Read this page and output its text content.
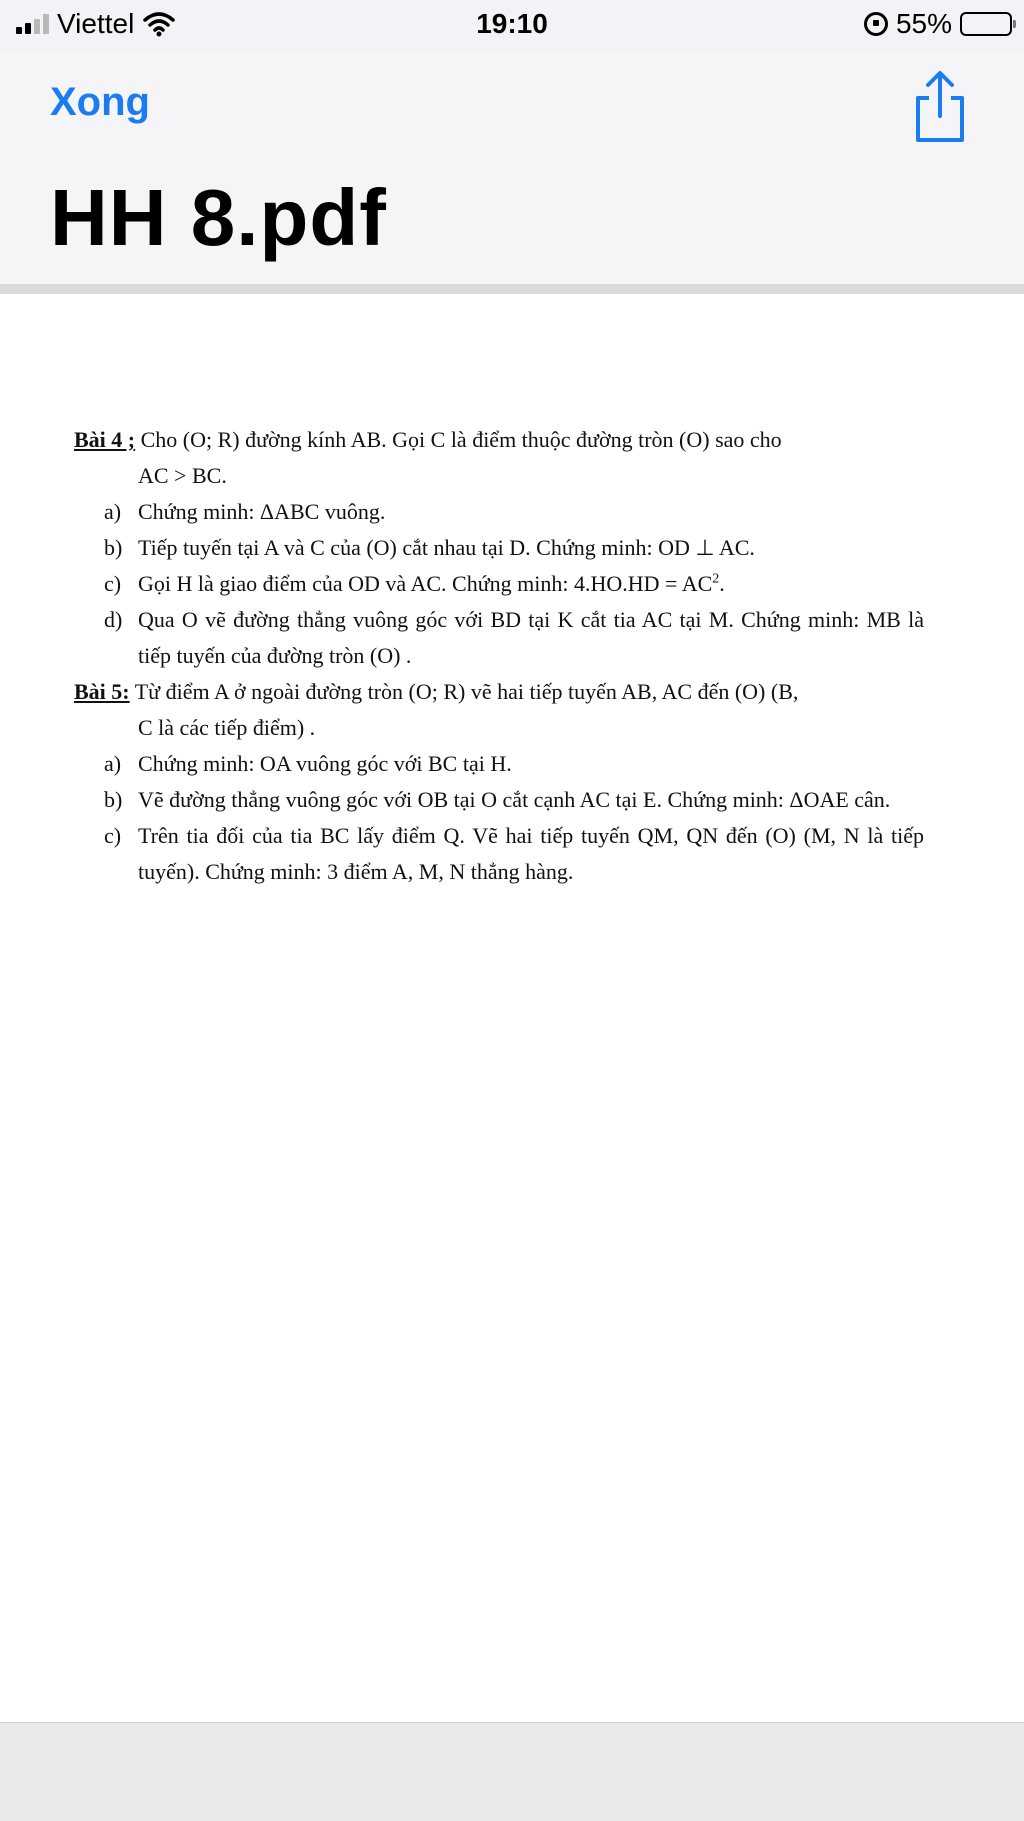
Viettel	19:10	55%
Xong
HH 8.pdf
Bài 4 ; Cho (O; R) đường kính AB. Gọi C là điểm thuộc đường tròn (O) sao cho
AC > BC.
a) Chứng minh: ΔABC vuông.
b) Tiếp tuyến tại A và C của (O) cắt nhau tại D. Chứng minh: OD ⊥ AC.
c) Gọi H là giao điểm của OD và AC. Chứng minh: $4.HO.HD = AC^2$.
d) Qua O vẽ đường thẳng vuông góc với BD tại K cắt tia AC tại M. Chứng minh: MB là tiếp tuyến của đường tròn (O) .
Bài 5: Từ điểm A ở ngoài đường tròn (O; R) vẽ hai tiếp tuyến AB, AC đến (O) (B,
C là các tiếp điểm) .
a) Chứng minh: OA vuông góc với BC tại H.
b) Vẽ đường thẳng vuông góc với OB tại O cắt cạnh AC tại E. Chứng minh: ΔOAE cân.
c) Trên tia đối của tia BC lấy điểm Q. Vẽ hai tiếp tuyến QM, QN đến (O) (M, N là tiếp tuyến). Chứng minh: 3 điểm A, M, N thẳng hàng.
